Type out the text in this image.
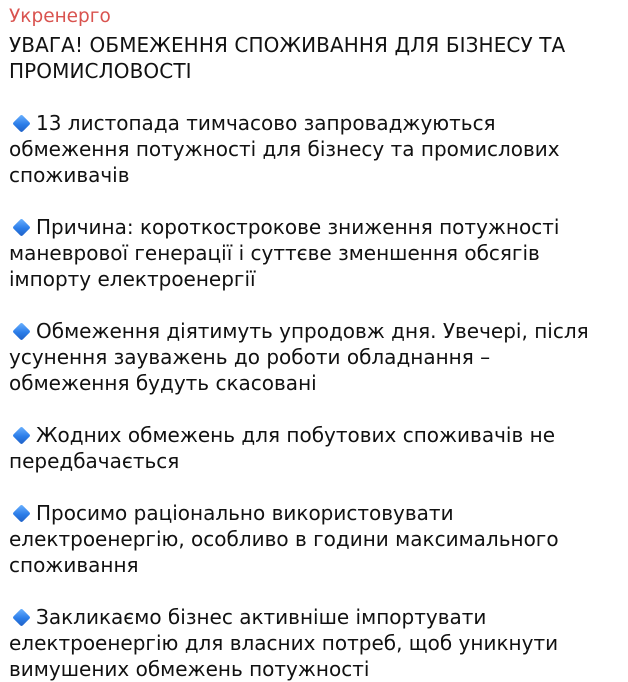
Укренерго
УВАГА! ОБМЕЖЕННЯ СПОЖИВАННЯ ДЛЯ БІЗНЕСУ ТА ПРОМИСЛОВОСТІ
13 листопада тимчасово запроваджуються обмеження потужності для бізнесу та промислових споживачів
Причина: короткострокове зниження потужності маневрової генерації і суттєве зменшення обсягів імпорту електроенергії
Обмеження діятимуть упродовж дня. Увечері, після усунення зауважень до роботи обладнання – обмеження будуть скасовані
Жодних обмежень для побутових споживачів не передбачається
Просимо раціонально використовувати електроенергію, особливо в години максимального споживання
Закликаємо бізнес активніше імпортувати електроенергію для власних потреб, щоб уникнути вимушених обмежень потужності
